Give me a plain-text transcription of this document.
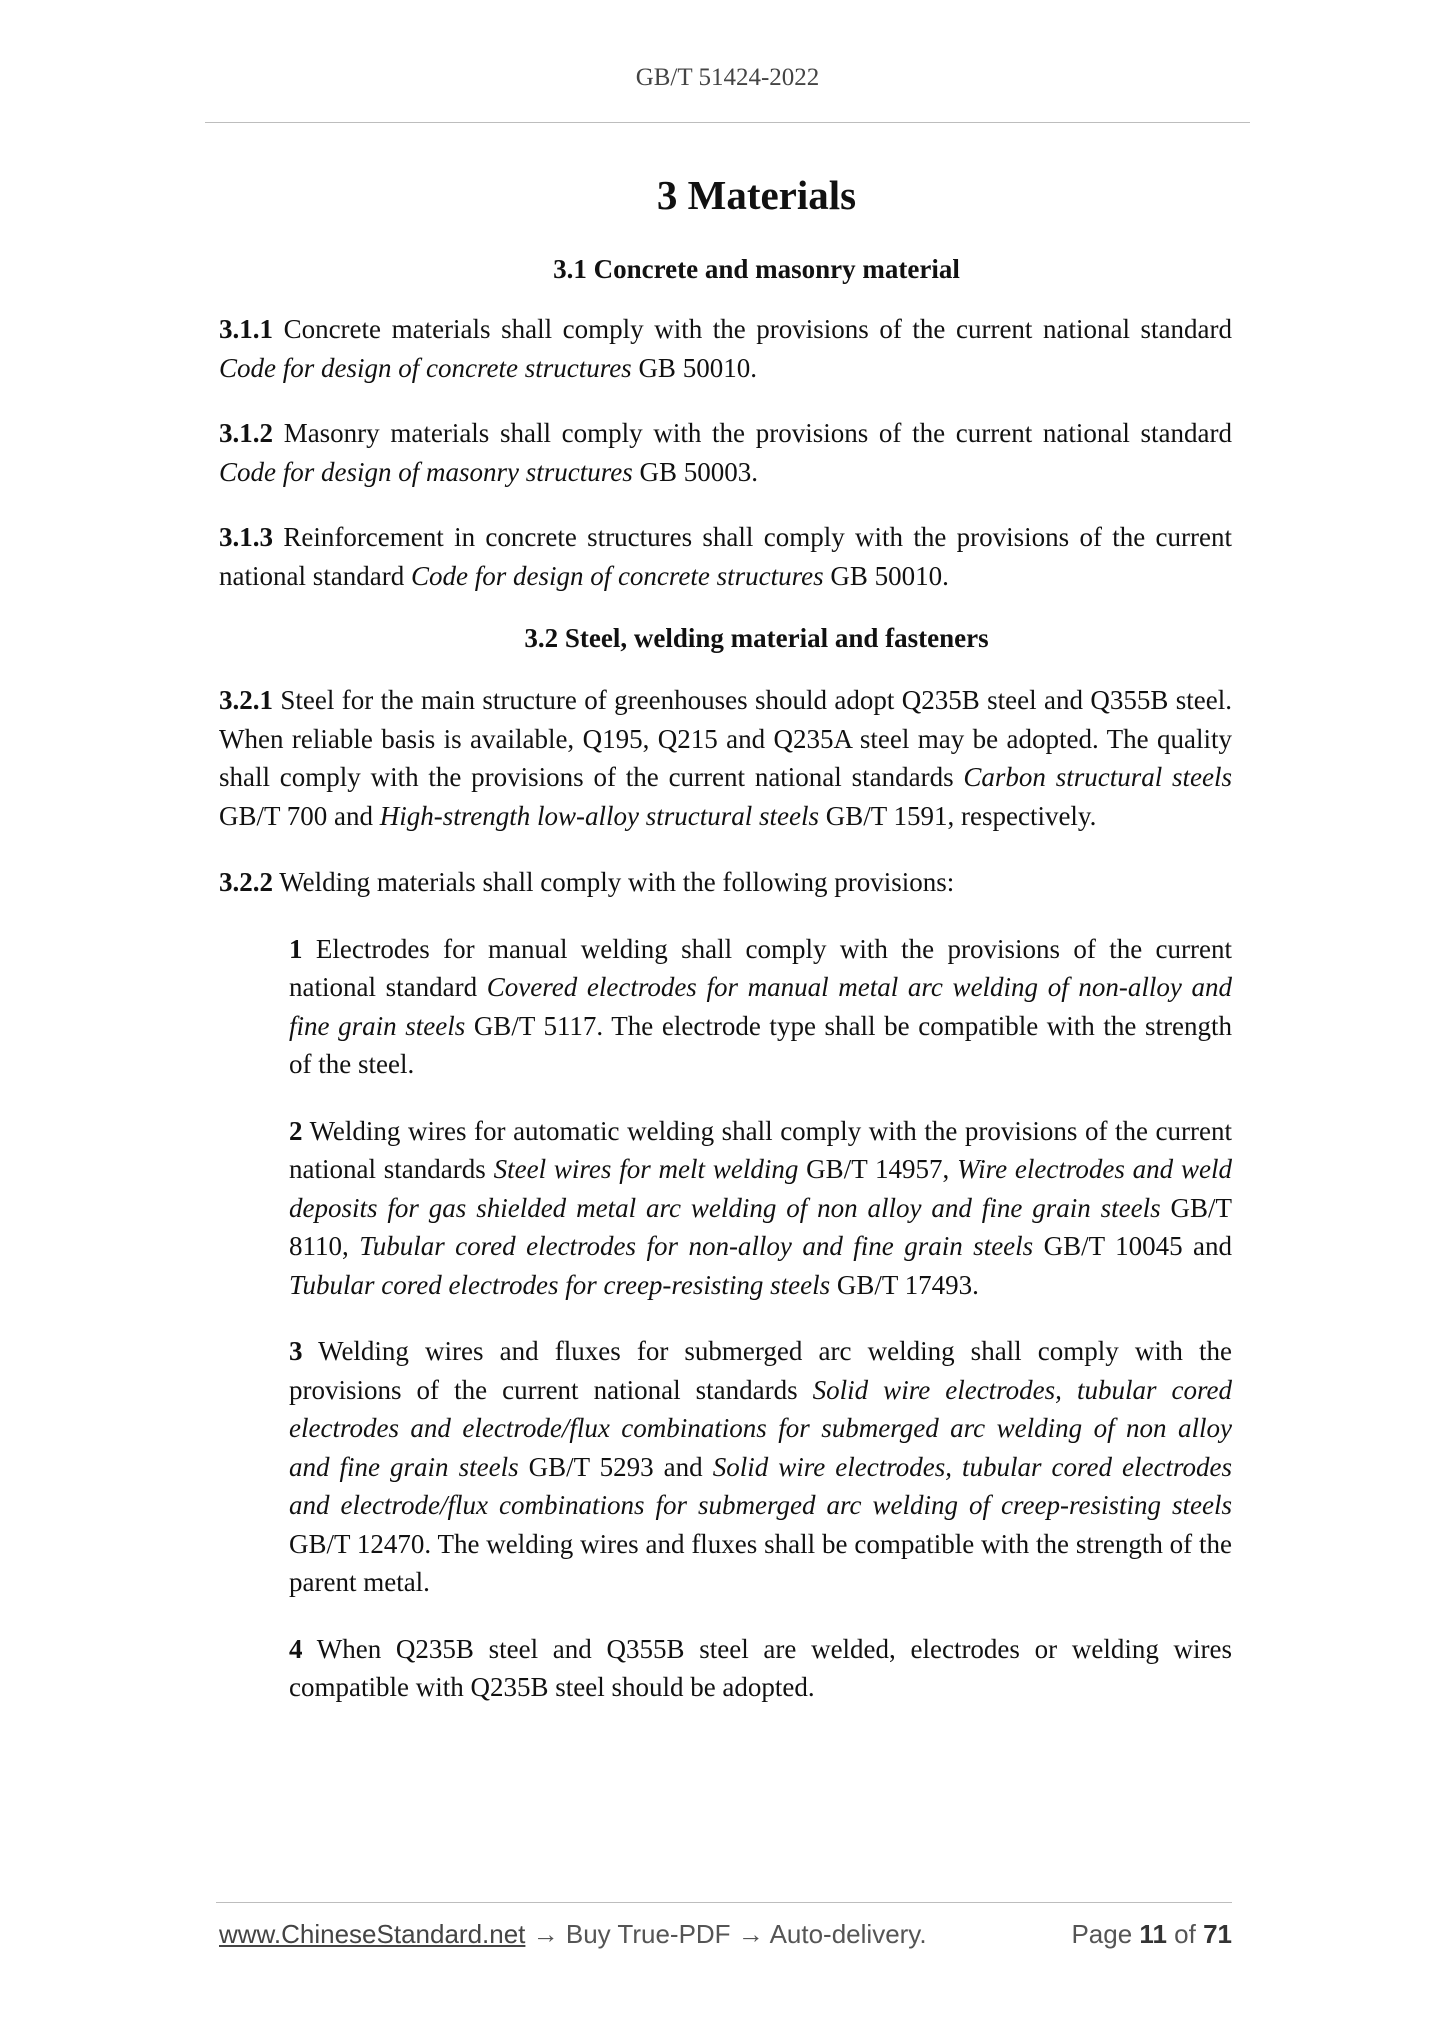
GB/T 51424-2022
3 Materials
3.1 Concrete and masonry material

3.1.1 Concrete materials shall comply with the provisions of the current national standard Code for design of concrete structures GB 50010.

3.1.2 Masonry materials shall comply with the provisions of the current national standard Code for design of masonry structures GB 50003.

3.1.3 Reinforcement in concrete structures shall comply with the provisions of the current national standard Code for design of concrete structures GB 50010.

3.2 Steel, welding material and fasteners

3.2.1 Steel for the main structure of greenhouses should adopt Q235B steel and Q355B steel. When reliable basis is available, Q195, Q215 and Q235A steel may be adopted. The quality shall comply with the provisions of the current national standards Carbon structural steels GB/T 700 and High-strength low-alloy structural steels GB/T 1591, respectively.

3.2.2 Welding materials shall comply with the following provisions:

1 Electrodes for manual welding shall comply with the provisions of the current national standard Covered electrodes for manual metal arc welding of non-alloy and fine grain steels GB/T 5117. The electrode type shall be compatible with the strength of the steel.

2 Welding wires for automatic welding shall comply with the provisions of the current national standards Steel wires for melt welding GB/T 14957, Wire electrodes and weld deposits for gas shielded metal arc welding of non alloy and fine grain steels GB/T 8110, Tubular cored electrodes for non-alloy and fine grain steels GB/T 10045 and Tubular cored electrodes for creep-resisting steels GB/T 17493.

3 Welding wires and fluxes for submerged arc welding shall comply with the provisions of the current national standards Solid wire electrodes, tubular cored electrodes and electrode/flux combinations for submerged arc welding of non alloy and fine grain steels GB/T 5293 and Solid wire electrodes, tubular cored electrodes and electrode/flux combinations for submerged arc welding of creep-resisting steels GB/T 12470. The welding wires and fluxes shall be compatible with the strength of the parent metal.

4 When Q235B steel and Q355B steel are welded, electrodes or welding wires compatible with Q235B steel should be adopted.

www.ChineseStandard.net → Buy True-PDF → Auto-delivery.	Page 11 of 71
